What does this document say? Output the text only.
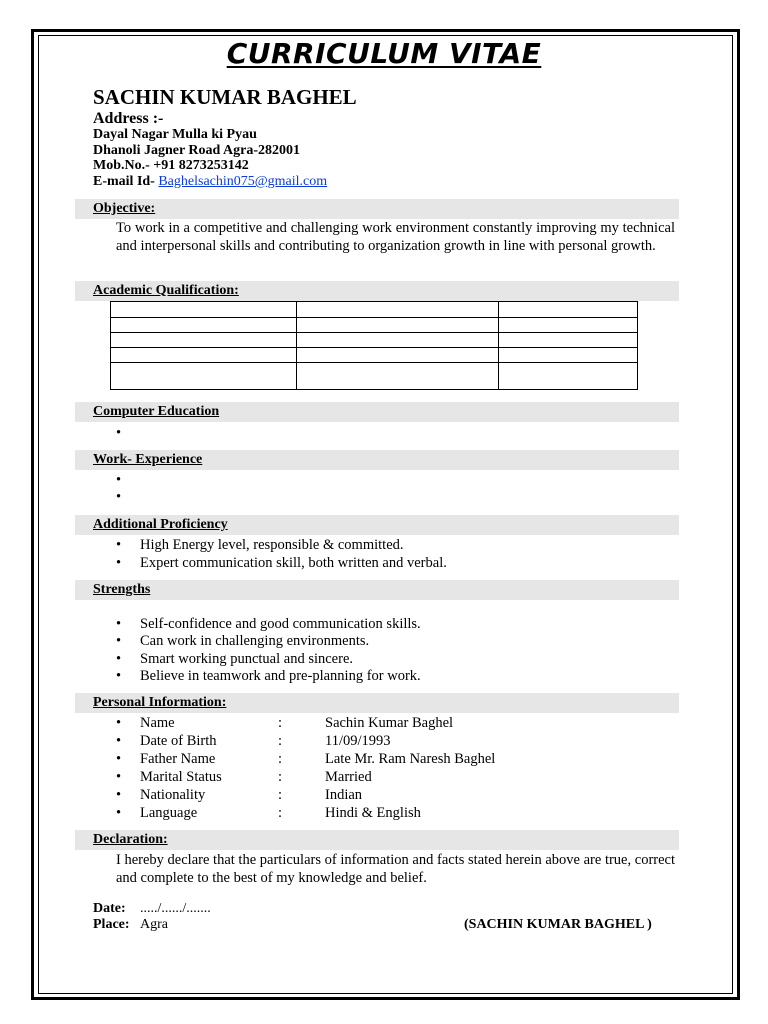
CURRICULUM VITAE
SACHIN KUMAR BAGHEL
Address :-
Dayal Nagar Mulla ki Pyau
Dhanoli Jagner Road Agra-282001
Mob.No.- +91 8273253142
E-mail Id- Baghelsachin075@gmail.com
Objective:
To work in a competitive and challenging work environment constantly improving my technical and interpersonal skills and contributing to organization growth in line with personal growth.
Academic Qualification:

Computer Education
•
Work- Experience
•
•
Additional Proficiency
• High Energy level, responsible & committed.
• Expert communication skill, both written and verbal.
Strengths
• Self-confidence and good communication skills.
• Can work in challenging environments.
• Smart working punctual and sincere.
• Believe in teamwork and pre-planning for work.
Personal Information:
• Name	:	Sachin Kumar Baghel
• Date of Birth	:	11/09/1993
• Father Name	:	Late Mr. Ram Naresh Baghel
• Marital Status	:	Married
• Nationality	:	Indian
• Language	:	Hindi & English
Declaration:
I hereby declare that the particulars of information and facts stated herein above are true, correct and complete to the best of my knowledge and belief.
Date: ...../....../.......
Place: Agra	(SACHIN KUMAR BAGHEL )
